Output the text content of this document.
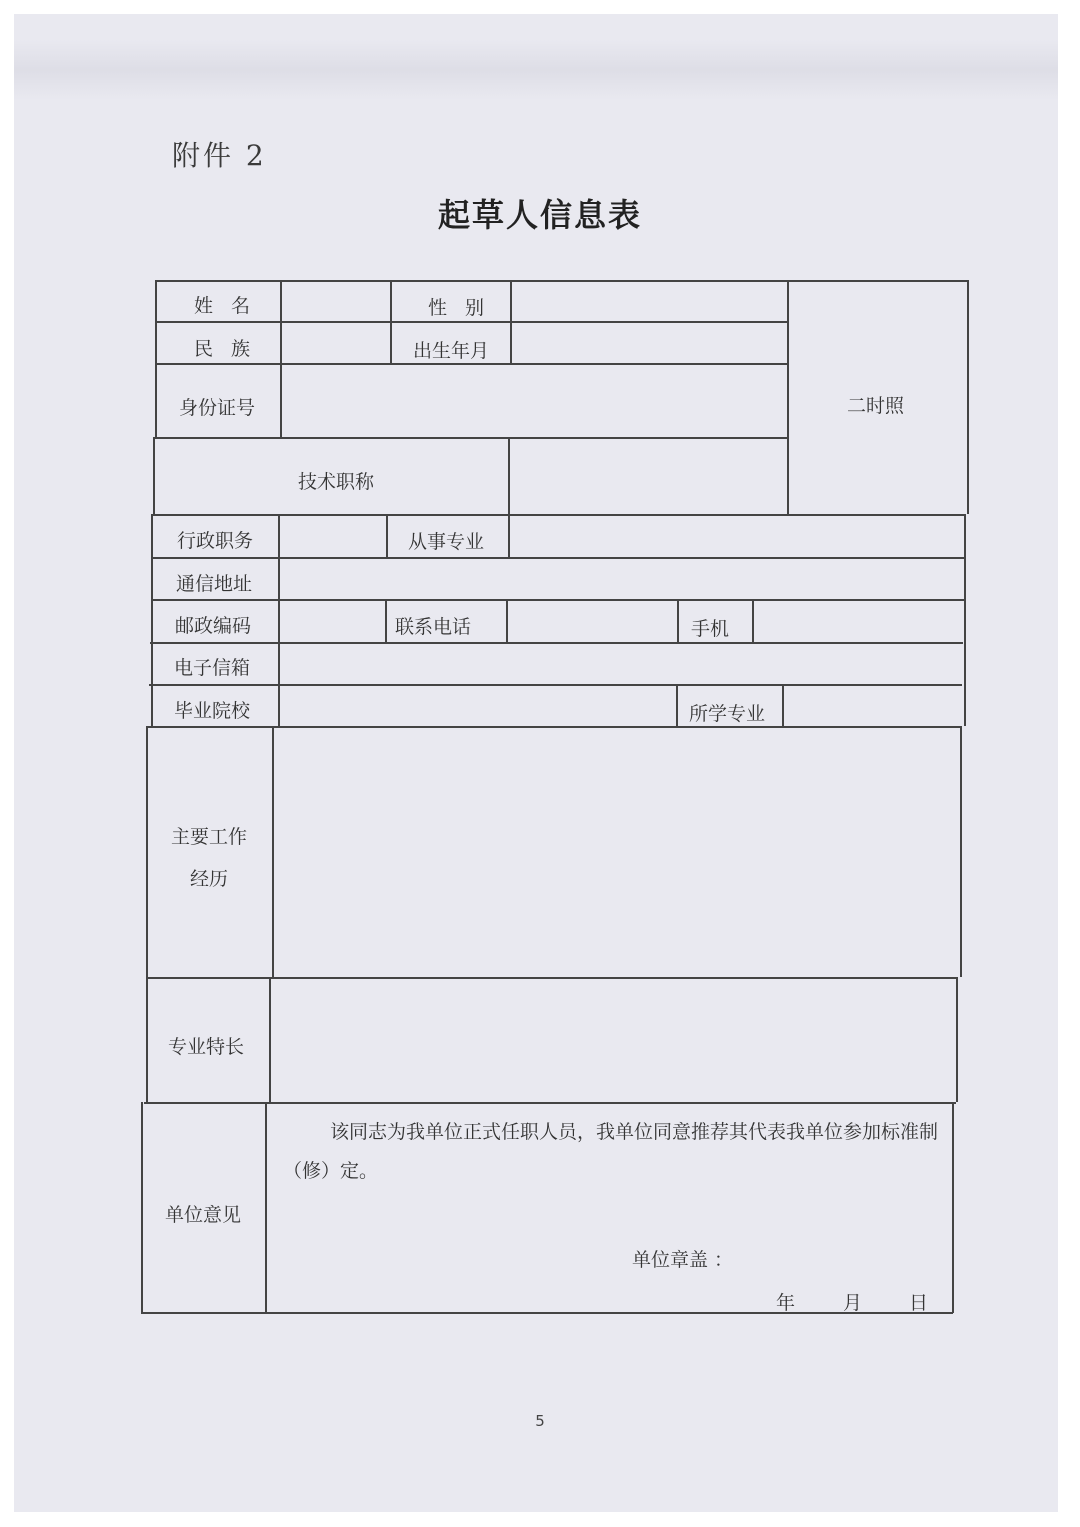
附件 2
起草人信息表
姓 名	性 别
民 族	出生年月
二时照
身份证号
技术职称
行政职务	从事专业
通信地址
邮政编码	联系电话	手机
电子信箱
毕业院校	所学专业
主要工作
经历
专业特长
单位意见
该同志为我单位正式任职人员，我单位同意推荐其代表我单位参加标准制
（修）定。
单位章盖 ：
年	月 日
5
